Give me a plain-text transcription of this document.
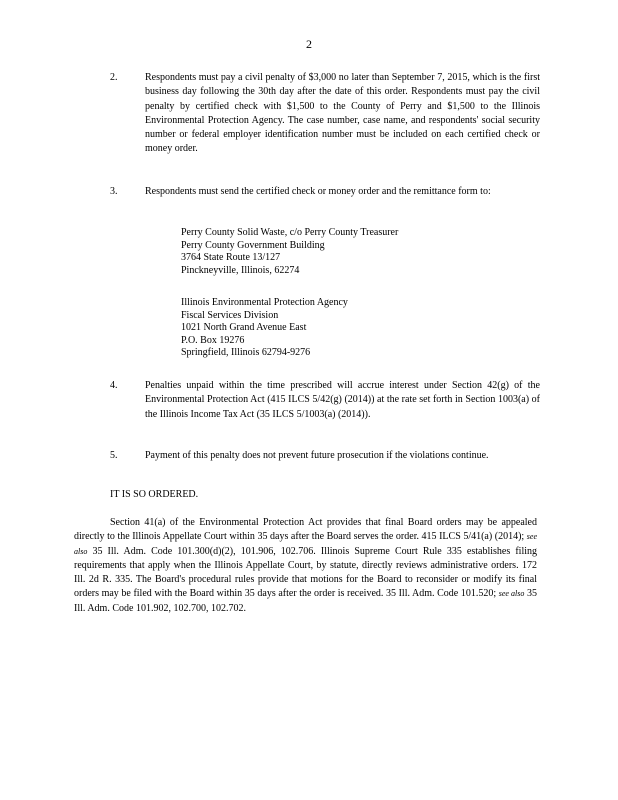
2
2.	Respondents must pay a civil penalty of $3,000 no later than September 7, 2015, which is the first business day following the 30th day after the date of this order. Respondents must pay the civil penalty by certified check with $1,500 to the County of Perry and $1,500 to the Illinois Environmental Protection Agency. The case number, case name, and respondents' social security number or federal employer identification number must be included on each certified check or money order.
3.	Respondents must send the certified check or money order and the remittance form to:
Perry County Solid Waste, c/o Perry County Treasurer
Perry County Government Building
3764 State Route 13/127
Pinckneyville, Illinois, 62274
Illinois Environmental Protection Agency
Fiscal Services Division
1021 North Grand Avenue East
P.O. Box 19276
Springfield, Illinois 62794-9276
4.	Penalties unpaid within the time prescribed will accrue interest under Section 42(g) of the Environmental Protection Act (415 ILCS 5/42(g) (2014)) at the rate set forth in Section 1003(a) of the Illinois Income Tax Act (35 ILCS 5/1003(a) (2014)).
5.	Payment of this penalty does not prevent future prosecution if the violations continue.
IT IS SO ORDERED.
Section 41(a) of the Environmental Protection Act provides that final Board orders may be appealed directly to the Illinois Appellate Court within 35 days after the Board serves the order. 415 ILCS 5/41(a) (2014); see also 35 Ill. Adm. Code 101.300(d)(2), 101.906, 102.706. Illinois Supreme Court Rule 335 establishes filing requirements that apply when the Illinois Appellate Court, by statute, directly reviews administrative orders. 172 Ill. 2d R. 335. The Board's procedural rules provide that motions for the Board to reconsider or modify its final orders may be filed with the Board within 35 days after the order is received. 35 Ill. Adm. Code 101.520; see also 35 Ill. Adm. Code 101.902, 102.700, 102.702.
